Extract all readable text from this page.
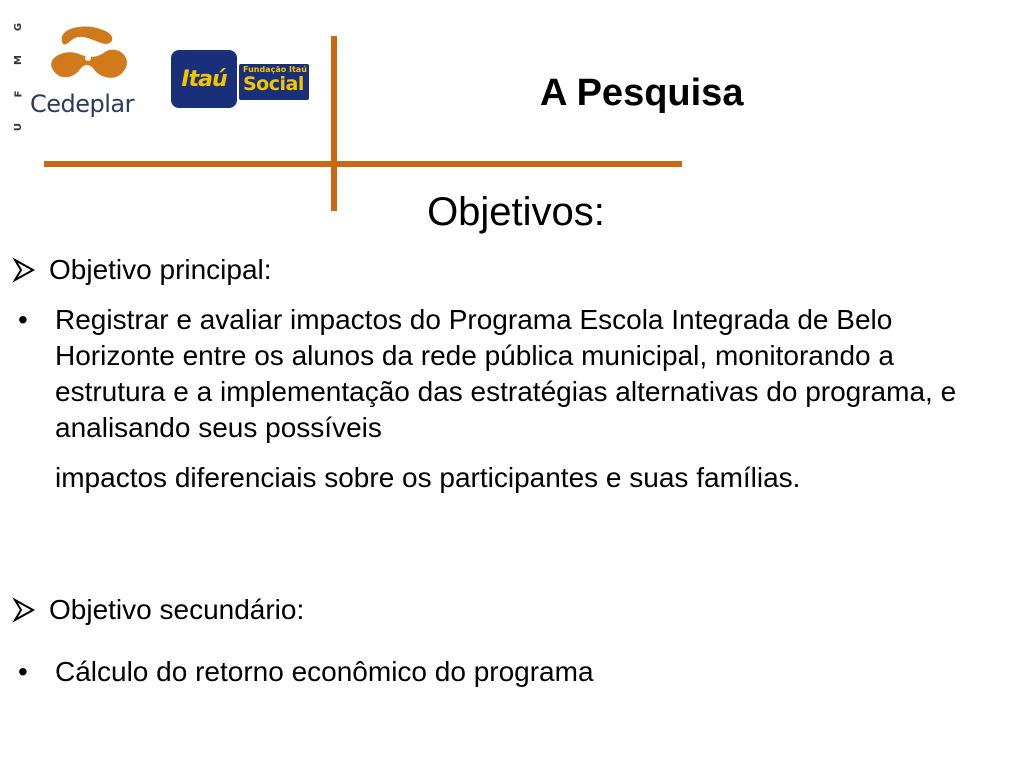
G
M
F
U
Cedeplar
Itaú Fundação Itaú
Social	A Pesquisa
Objetivos:
Objetivo principal:
• Registrar e avaliar impactos do Programa Escola Integrada de Belo Horizonte entre os alunos da rede pública municipal, monitorando a estrutura e a implementação das estratégias alternativas do programa, e analisando seus possíveis
impactos diferenciais sobre os participantes e suas famílias.
Objetivo secundário:
• Cálculo do retorno econômico do programa
